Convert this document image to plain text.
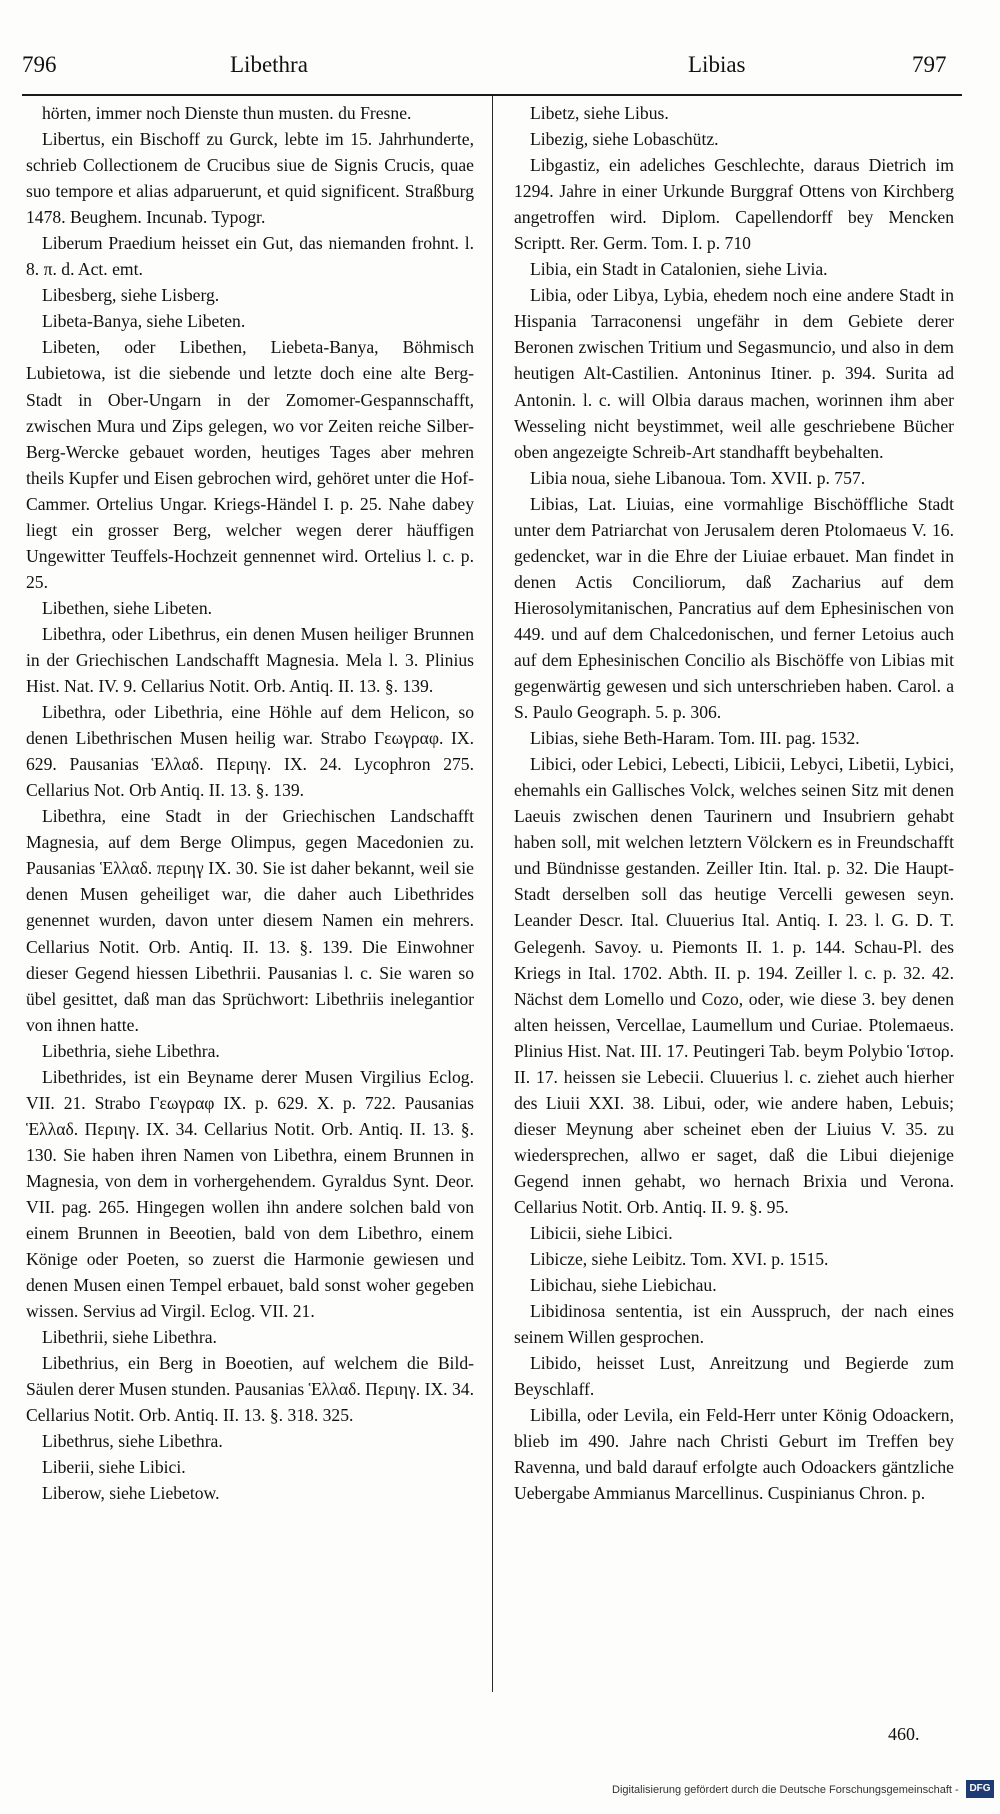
796	Libethra	Libias	797

hörten, immer noch Dienste thun musten. du Fresne.

Libertus, ein Bischoff zu Gurck, lebte im 15. Jahrhunderte, schrieb Collectionem de Crucibus siue de Signis Crucis, quae suo tempore et alias adparuerunt, et quid significent. Straßburg 1478. Beughem. Incunab. Typogr.

Liberum Praedium heisset ein Gut, das niemanden frohnt. l. 8. π. d. Act. emt.

Libesberg, siehe Lisberg.

Libeta-Banya, siehe Libeten.

Libeten, oder Libethen, Liebeta-Banya, Böhmisch Lubietowa, ist die siebende und letzte doch eine alte Berg-Stadt in Ober-Ungarn in der Zomomer-Gespannschafft, zwischen Mura und Zips gelegen, wo vor Zeiten reiche Silber-Berg-Wercke gebauet worden, heutiges Tages aber mehren theils Kupfer und Eisen gebrochen wird, gehöret unter die Hof-Cammer. Ortelius Ungar. Kriegs-Händel I. p. 25. Nahe dabey liegt ein grosser Berg, welcher wegen derer häuffigen Ungewitter Teuffels-Hochzeit gennennet wird. Ortelius l. c. p. 25.

Libethen, siehe Libeten.

Libethra, oder Libethrus, ein denen Musen heiliger Brunnen in der Griechischen Landschafft Magnesia. Mela l. 3. Plinius Hist. Nat. IV. 9. Cellarius Notit. Orb. Antiq. II. 13. §. 139.

Libethra, oder Libethria, eine Höhle auf dem Helicon, so denen Libethrischen Musen heilig war. Strabo Γεωγραφ. IX. 629. Pausanias Ἑλλαδ. Περιηγ. IX. 24. Lycophron 275. Cellarius Not. Orb Antiq. II. 13. §. 139.

Libethra, eine Stadt in der Griechischen Landschafft Magnesia, auf dem Berge Olimpus, gegen Macedonien zu. Pausanias Ἑλλαδ. περιηγ IX. 30. Sie ist daher bekannt, weil sie denen Musen geheiliget war, die daher auch Libethrides genennet wurden, davon unter diesem Namen ein mehrers. Cellarius Notit. Orb. Antiq. II. 13. §. 139. Die Einwohner dieser Gegend hiessen Libethrii. Pausanias l. c. Sie waren so übel gesittet, daß man das Sprüchwort: Libethriis inelegantior von ihnen hatte.

Libethria, siehe Libethra.

Libethrides, ist ein Beyname derer Musen Virgilius Eclog. VII. 21. Strabo Γεωγραφ IX. p. 629. X. p. 722. Pausanias Ἑλλαδ. Περιηγ. IX. 34. Cellarius Notit. Orb. Antiq. II. 13. §. 130. Sie haben ihren Namen von Libethra, einem Brunnen in Magnesia, von dem in vorhergehendem. Gyraldus Synt. Deor. VII. pag. 265. Hingegen wollen ihn andere solchen bald von einem Brunnen in Beeotien, bald von dem Libethro, einem Könige oder Poeten, so zuerst die Harmonie gewiesen und denen Musen einen Tempel erbauet, bald sonst woher gegeben wissen. Servius ad Virgil. Eclog. VII. 21.

Libethrii, siehe Libethra.

Libethrius, ein Berg in Boeotien, auf welchem die Bild-Säulen derer Musen stunden. Pausanias Ἑλλαδ. Περιηγ. IX. 34. Cellarius Notit. Orb. Antiq. II. 13. §. 318. 325.

Libethrus, siehe Libethra.

Liberii, siehe Libici.

Liberow, siehe Liebetow.

Libetz, siehe Libus.

Libezig, siehe Lobaschütz.

Libgastiz, ein adeliches Geschlechte, daraus Dietrich im 1294. Jahre in einer Urkunde Burggraf Ottens von Kirchberg angetroffen wird. Diplom. Capellendorff bey Mencken Scriptt. Rer. Germ. Tom. I. p. 710

Libia, ein Stadt in Catalonien, siehe Livia.

Libia, oder Libya, Lybia, ehedem noch eine andere Stadt in Hispania Tarraconensi ungefähr in dem Gebiete derer Beronen zwischen Tritium und Segasmuncio, und also in dem heutigen Alt-Castilien. Antoninus Itiner. p. 394. Surita ad Antonin. l. c. will Olbia daraus machen, worinnen ihm aber Wesseling nicht beystimmet, weil alle geschriebene Bücher oben angezeigte Schreib-Art standhafft beybehalten.

Libia noua, siehe Libanoua. Tom. XVII. p. 757.

Libias, Lat. Liuias, eine vormahlige Bischöffliche Stadt unter dem Patriarchat von Jerusalem deren Ptolomaeus V. 16. gedencket, war in die Ehre der Liuiae erbauet. Man findet in denen Actis Conciliorum, daß Zacharius auf dem Hierosolymitanischen, Pancratius auf dem Ephesinischen von 449. und auf dem Chalcedonischen, und ferner Letoius auch auf dem Ephesinischen Concilio als Bischöffe von Libias mit gegenwärtig gewesen und sich unterschrieben haben. Carol. a S. Paulo Geograph. 5. p. 306.

Libias, siehe Beth-Haram. Tom. III. pag. 1532.

Libici, oder Lebici, Lebecti, Libicii, Lebyci, Libetii, Lybici, ehemahls ein Gallisches Volck, welches seinen Sitz mit denen Laeuis zwischen denen Taurinern und Insubriern gehabt haben soll, mit welchen letztern Völckern es in Freundschafft und Bündnisse gestanden. Zeiller Itin. Ital. p. 32. Die Haupt-Stadt derselben soll das heutige Vercelli gewesen seyn. Leander Descr. Ital. Cluuerius Ital. Antiq. I. 23. l. G. D. T. Gelegenh. Savoy. u. Piemonts II. 1. p. 144. Schau-Pl. des Kriegs in Ital. 1702. Abth. II. p. 194. Zeiller l. c. p. 32. 42. Nächst dem Lomello und Cozo, oder, wie diese 3. bey denen alten heissen, Vercellae, Laumellum und Curiae. Ptolemaeus. Plinius Hist. Nat. III. 17. Peutingeri Tab. beym Polybio Ἱστορ. II. 17. heissen sie Lebecii. Cluuerius l. c. ziehet auch hierher des Liuii XXI. 38. Libui, oder, wie andere haben, Lebuis; dieser Meynung aber scheinet eben der Liuius V. 35. zu wiedersprechen, allwo er saget, daß die Libui diejenige Gegend innen gehabt, wo hernach Brixia und Verona. Cellarius Notit. Orb. Antiq. II. 9. §. 95.

Libicii, siehe Libici.

Libicze, siehe Leibitz. Tom. XVI. p. 1515.

Libichau, siehe Liebichau.

Libidinosa sententia, ist ein Ausspruch, der nach eines seinem Willen gesprochen.

Libido, heisset Lust, Anreitzung und Begierde zum Beyschlaff.

Libilla, oder Levila, ein Feld-Herr unter König Odoackern, blieb im 490. Jahre nach Christi Geburt im Treffen bey Ravenna, und bald darauf erfolgte auch Odoackers gäntzliche Uebergabe Ammianus Marcellinus. Cuspinianus Chron. p.

460.
Digitalisierung gefördert durch die Deutsche Forschungsgemeinschaft -	DFG
